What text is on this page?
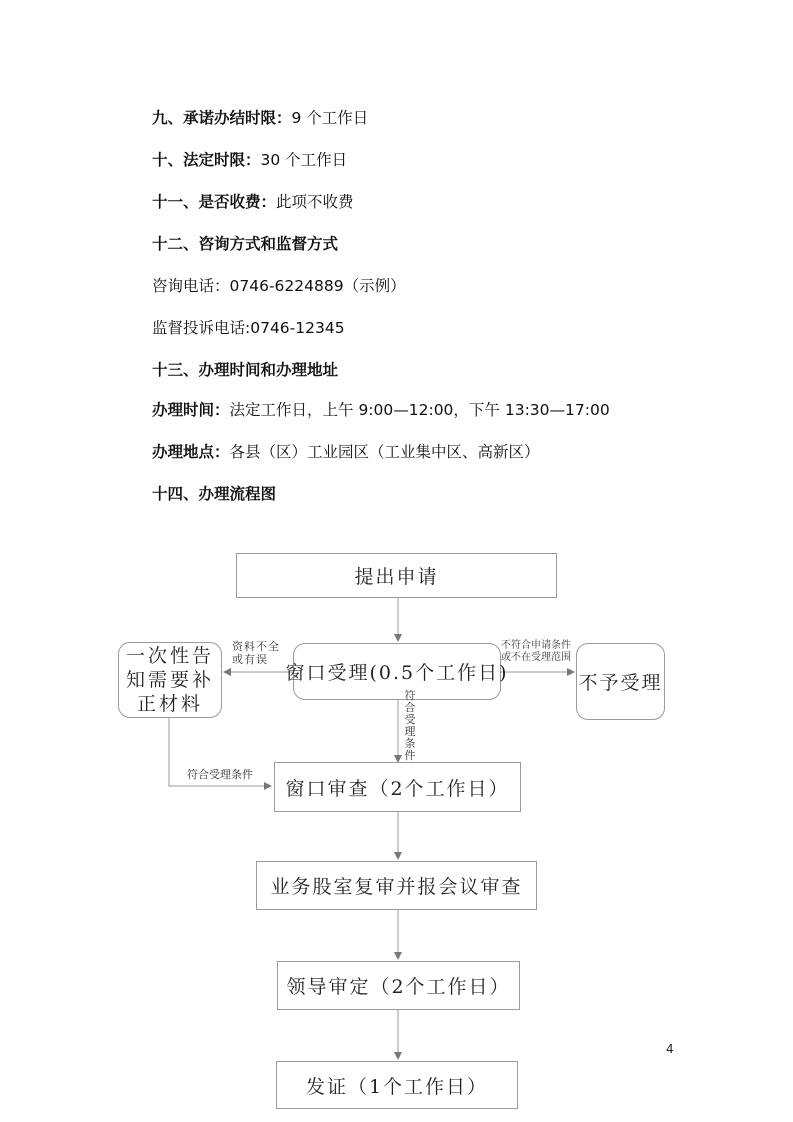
九、承诺办结时限：9 个工作日
十、法定时限：30 个工作日
十一、是否收费：此项不收费
十二、咨询方式和监督方式
咨询电话：0746-6224889（示例）
监督投诉电话:0746-12345
十三、办理时间和办理地址
办理时间：法定工作日，上午 9:00—12:00，下午 13:30—17:00
办理地点：各县（区）工业园区（工业集中区、高新区）
十四、办理流程图
提出申请
窗口受理(0.5个工作日)
一次性告知需要补正材料
不予受理
窗口审查（2个工作日）
业务股室复审并报会议审查
领导审定（2个工作日）
发证（1个工作日）
资料不全或有误
不符合申请条件
或不在受理范围
符合受理条件
符合受理条件
4
